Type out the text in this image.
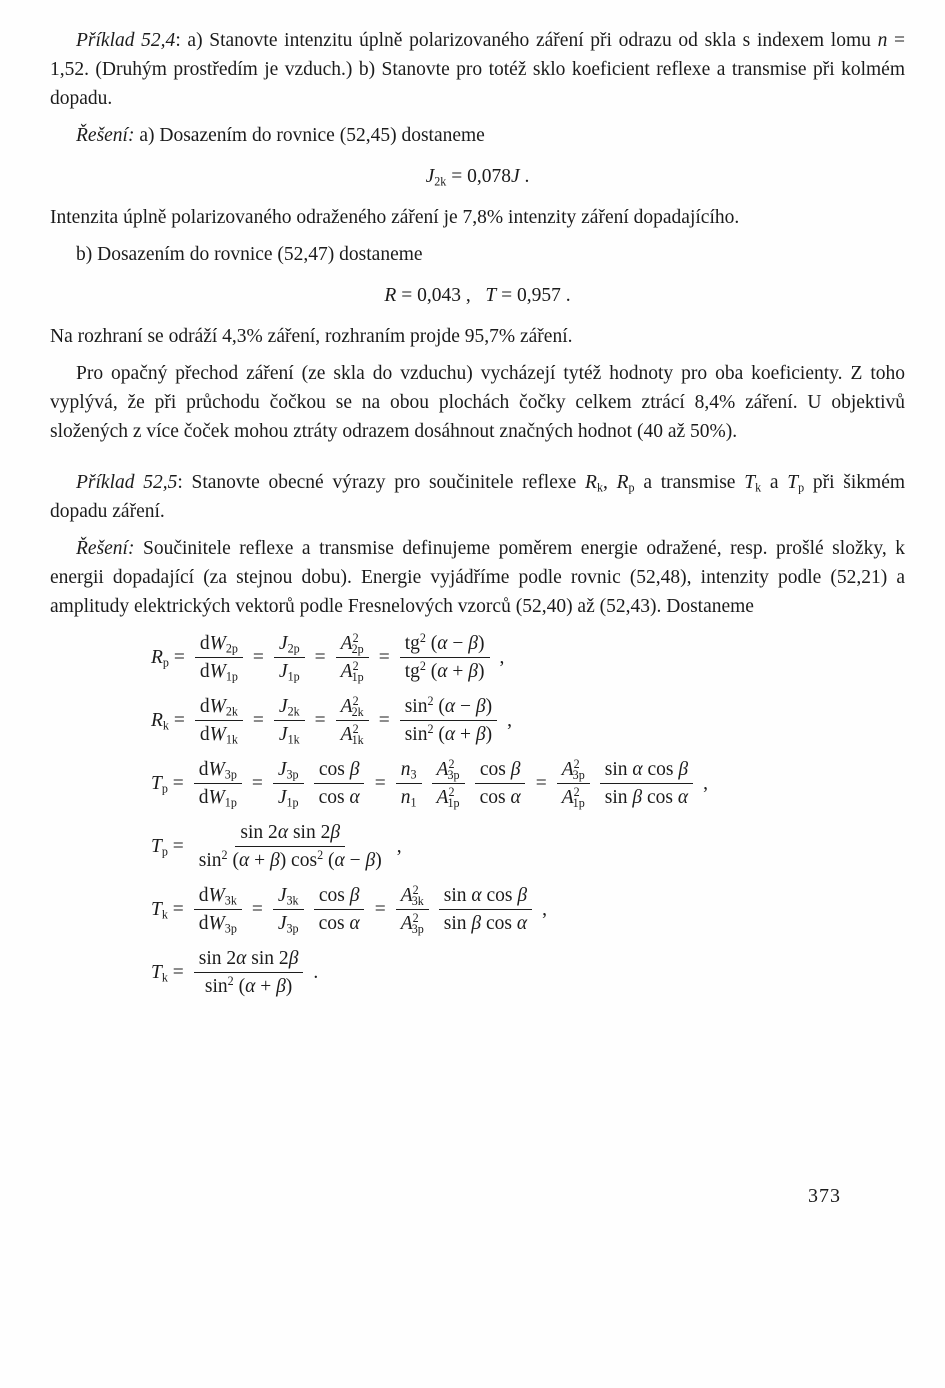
Příklad 52,4: a) Stanovte intenzitu úplně polarizovaného záření při odrazu od skla s indexem lomu n = 1,52. (Druhým prostředím je vzduch.) b) Stanovte pro totéž sklo koeficient reflexe a transmise při kolmém dopadu.

Řešení: a) Dosazením do rovnice (52,45) dostaneme

$J_{2k} = 0,078J$ .

Intenzita úplně polarizovaného odraženého záření je 7,8% intenzity záření dopadajícího.

b) Dosazením do rovnice (52,47) dostaneme

R = 0,043 ,   T = 0,957 .

Na rozhraní se odráží 4,3% záření, rozhraním projde 95,7% záření.

Pro opačný přechod záření (ze skla do vzduchu) vycházejí tytéž hodnoty pro oba koeficienty. Z toho vyplývá, že při průchodu čočkou se na obou plochách čočky celkem ztrácí 8,4% záření. U objektivů složených z více čoček mohou ztráty odrazem dosáhnout značných hodnot (40 až 50%).

Příklad 52,5: Stanovte obecné výrazy pro součinitele reflexe $R_k$, $R_p$ a transmise $T_k$ a $T_p$ při šikmém dopadu záření.

Řešení: Součinitele reflexe a transmise definujeme poměrem energie odražené, resp. prošlé složky, k energii dopadající (za stejnou dobu). Energie vyjádříme podle rovnic (52,48), intenzity podle (52,21) a amplitudy elektrických vektorů podle Fresnelových vzorců (52,40) až (52,43). Dostaneme

$R_p = \frac{dW_{2p}}{dW_{1p}} = \frac{J_{2p}}{J_{1p}} = \frac{A^2_{2p}}{A^2_{1p}} = \frac{tg^2 (\alpha - \beta)}{tg^2 (\alpha + \beta)}$ ,
$R_k = \frac{dW_{2k}}{dW_{1k}} = \frac{J_{2k}}{J_{1k}} = \frac{A^2_{2k}}{A^2_{1k}} = \frac{\sin^2 (\alpha - \beta)}{\sin^2 (\alpha + \beta)}$ ,
$T_p = \frac{dW_{3p}}{dW_{1p}} = \frac{J_{3p}}{J_{1p}} \frac{\text{cos β}}{\text{cos α}} = \frac{n_3}{n_1} \frac{A^2_{3p}}{A^2_{1p}} \frac{\text{cos β}}{\text{cos α}} = \frac{A^2_{3p}}{A^2_{1p}} \frac{\text{sin α cos β}}{\text{sin β cos α}}$ ,
$T_p = \frac{\text{sin 2α sin 2β}}{\sin^2 (\alpha + \beta) \cos^2 (\alpha - \beta)}$ ,
$T_k = \frac{dW_{3k}}{dW_{3p}} = \frac{J_{3k}}{J_{3p}} \frac{\text{cos β}}{\text{cos α}} = \frac{A^2_{3k}}{A^2_{3p}} \frac{\text{sin α cos β}}{\text{sin β cos α}}$ ,
$T_k = \frac{\text{sin 2α sin 2β}}{\sin^2 (\alpha + \beta)}$ .
373
